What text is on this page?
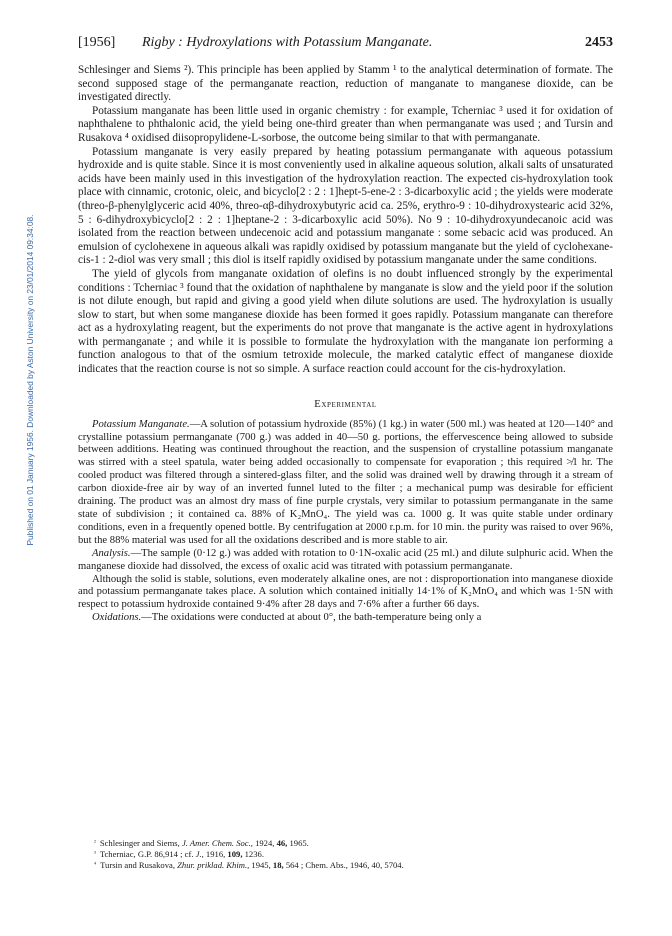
Published on 01 January 1956. Downloaded by Aston University on 23/01/2014 09:34:08.
[1956] Rigby : Hydroxylations with Potassium Manganate.	2453

Schlesinger and Siems ²). This principle has been applied by Stamm ¹ to the analytical determination of formate. The second supposed stage of the permanganate reaction, reduction of manganate to manganese dioxide, can be investigated directly.

Potassium manganate has been little used in organic chemistry : for example, Tcherniac ³ used it for oxidation of naphthalene to phthalonic acid, the yield being one-third greater than when permanganate was used ; and Tursin and Rusakova ⁴ oxidised diisopropylidene-L-sorbose, the outcome being similar to that with permanganate.

Potassium manganate is very easily prepared by heating potassium permanganate with aqueous potassium hydroxide and is quite stable. Since it is most conveniently used in alkaline aqueous solution, alkali salts of unsaturated acids have been mainly used in this investigation of the hydroxylation reaction. The expected cis-hydroxylation took place with cinnamic, crotonic, oleic, and bicyclo[2 : 2 : 1]hept-5-ene-2 : 3-dicarboxylic acid ; the yields were moderate (threo-β-phenylglyceric acid 40%, threo-αβ-dihydroxybutyric acid ca. 25%, erythro-9 : 10-dihydroxystearic acid 32%, 5 : 6-dihydroxybicyclo[2 : 2 : 1]heptane-2 : 3-dicarboxylic acid 50%). No 9 : 10-dihydroxyundecanoic acid was isolated from the reaction between undecenoic acid and potassium manganate : some sebacic acid was produced. An emulsion of cyclohexene in aqueous alkali was rapidly oxidised by potassium manganate but the yield of cyclohexane-cis-1 : 2-diol was very small ; this diol is itself rapidly oxidised by potassium manganate under the same conditions.

The yield of glycols from manganate oxidation of olefins is no doubt influenced strongly by the experimental conditions : Tcherniac ³ found that the oxidation of naphthalene by manganate is slow and the yield poor if the solution is not dilute enough, but rapid and giving a good yield when dilute solutions are used. The hydroxylation is usually slow to start, but when some manganese dioxide has been formed it goes rapidly. Potassium manganate can therefore act as a hydroxylating reagent, but the experiments do not prove that manganate is the active agent in hydroxylations with permanganate ; and while it is possible to formulate the hydroxylation with the manganate ion performing a function analogous to that of the osmium tetroxide molecule, the marked catalytic effect of manganese dioxide indicates that the reaction course is not so simple. A surface reaction could account for the cis-hydroxylation.

Experimental

Potassium Manganate.—A solution of potassium hydroxide (85%) (1 kg.) in water (500 ml.) was heated at 120—140° and crystalline potassium permanganate (700 g.) was added in 40—50 g. portions, the effervescence being allowed to subside between additions. Heating was continued throughout the reaction, and the suspension of crystalline potassium manganate was stirred with a steel spatula, water being added occasionally to compensate for evaporation ; this required ≯1 hr. The cooled product was filtered through a sintered-glass filter, and the solid was drained well by drawing through it a stream of carbon dioxide-free air by way of an inverted funnel luted to the filter ; a mechanical pump was desirable for efficient draining. The product was an almost dry mass of fine purple crystals, very similar to potassium permanganate in the same state of subdivision ; it contained ca. 88% of K₂MnO₄. The yield was ca. 1000 g. It was quite stable under ordinary conditions, even in a frequently opened bottle. By centrifugation at 2000 r.p.m. for 10 min. the purity was raised to over 96%, but the 88% material was used for all the oxidations described and is more stable to air.

Analysis.—The sample (0·12 g.) was added with rotation to 0·1N-oxalic acid (25 ml.) and dilute sulphuric acid. When the manganese dioxide had dissolved, the excess of oxalic acid was titrated with potassium permanganate.

Although the solid is stable, solutions, even moderately alkaline ones, are not : disproportionation into manganese dioxide and potassium permanganate takes place. A solution which contained initially 14·1% of K₂MnO₄ and which was 1·5N with respect to potassium hydroxide contained 9·4% after 28 days and 7·6% after a further 66 days.

Oxidations.—The oxidations were conducted at about 0°, the bath-temperature being only a

$^{^2}$ Schlesinger and Siems, J. Amer. Chem. Soc., 1924, 46, 1965.

$^{^3}$ Tcherniac, G.P. 86,914 ; cf. J., 1916, 109, 1236.

$^{^4}$ Tursin and Rusakova, Zhur. priklad. Khim., 1945, 18, 564 ; Chem. Abs., 1946, 40, 5704.
